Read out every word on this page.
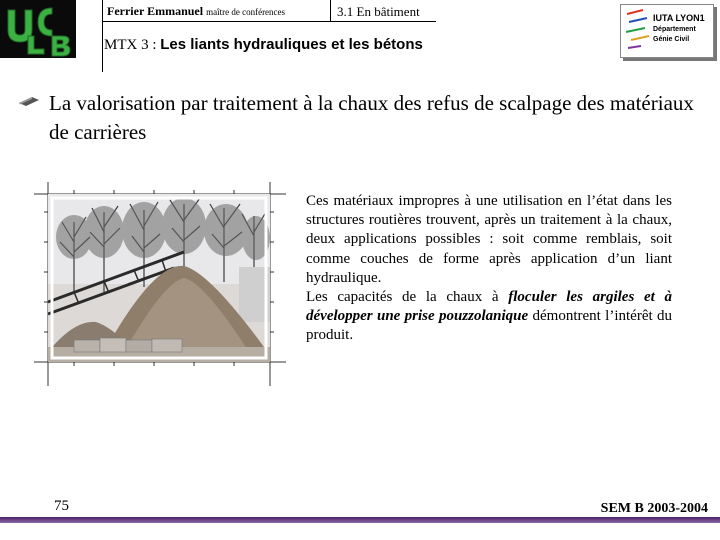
Ferrier Emmanuel maître de conférences	3.1 En bâtiment
MTX 3 : Les liants hydrauliques et les bétons
IUTA LYON1
Département
Génie Civil
La valorisation par traitement à la chaux des refus de scalpage des matériaux de carrières
Ces matériaux impropres à une utilisation en l’état dans les structures routières trouvent, après un traitement à la chaux, deux applications possibles : soit comme remblais, soit comme couches de forme après application d’un liant hydraulique.
Les capacités de la chaux à floculer les argiles et à développer une prise pouzzolanique démontrent l’intérêt du produit.
75	SEM B 2003-2004
